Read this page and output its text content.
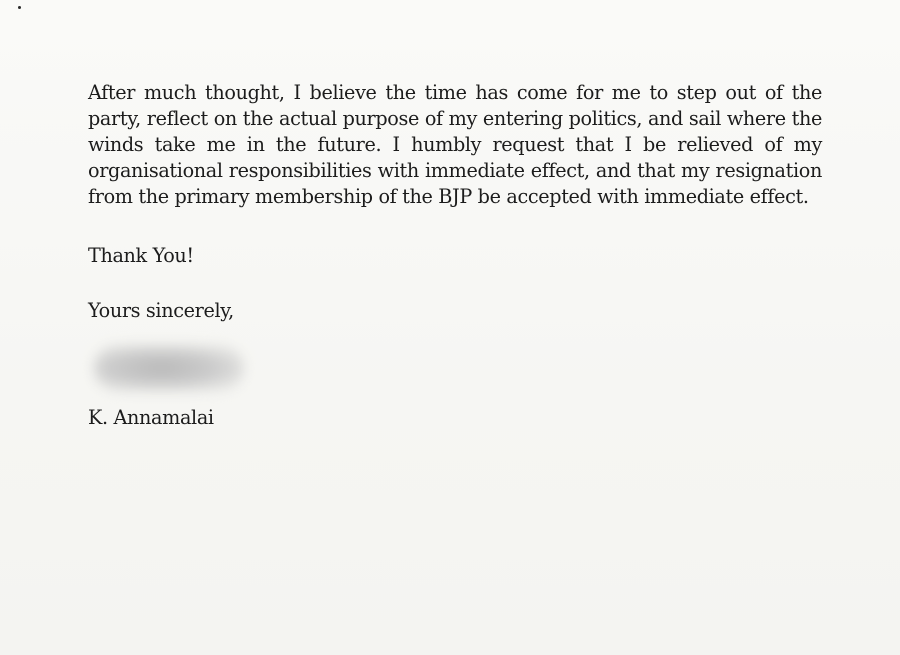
After much thought, I believe the time has come for me to step out of the party, reflect on the actual purpose of my entering politics, and sail where the winds take me in the future. I humbly request that I be relieved of my organisational responsibilities with immediate effect, and that my resignation from the primary membership of the BJP be accepted with immediate effect.

Thank You!

Yours sincerely,

K. Annamalai
